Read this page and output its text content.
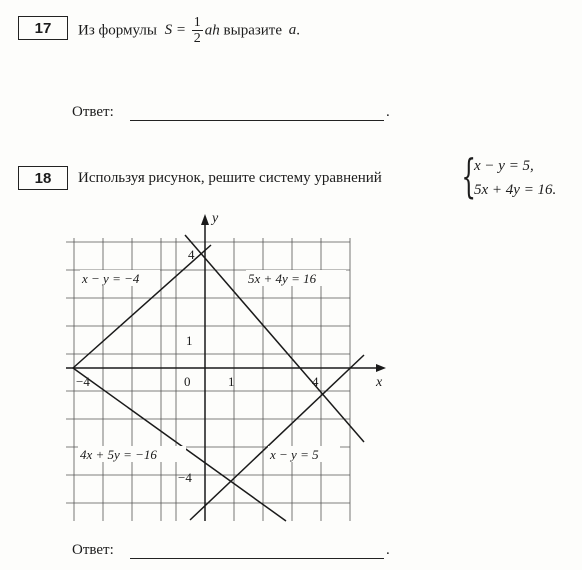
17	Из формулы $S = \frac{1}{2}$ ah выразите a.
Ответ:	.
18	Используя рисунок, решите систему уравнений {
x − y = 5,
5x + 4y = 16.
−4	0	1	4
1
4
−4
x
y
x − y = −4	5x + 4y = 16
4x + 5y = −16	x − y = 5
Ответ:	.
